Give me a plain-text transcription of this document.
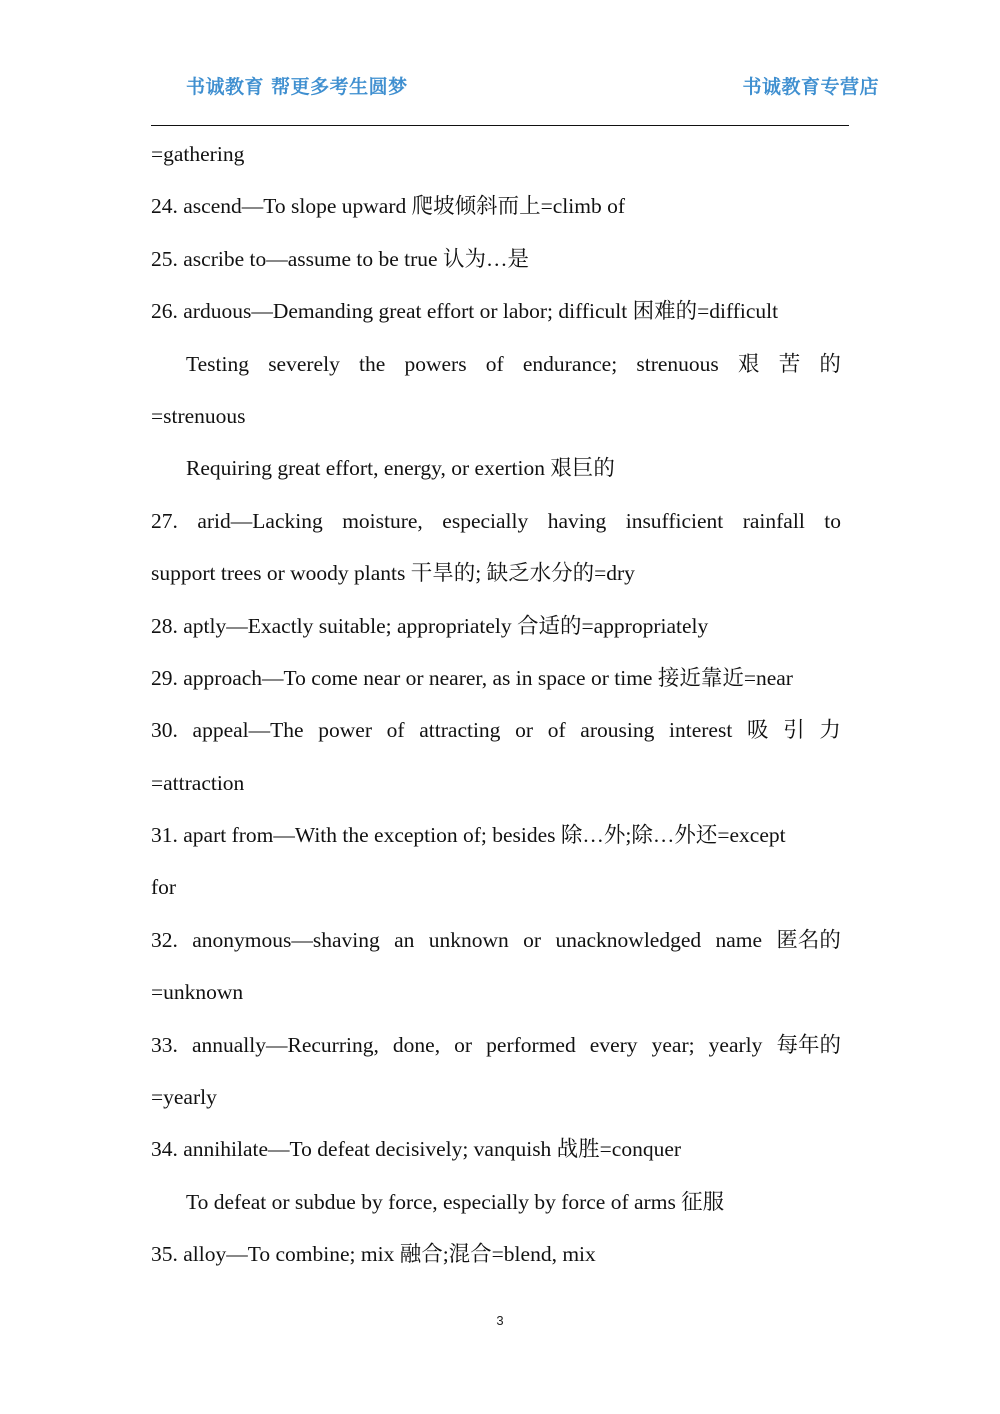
书诚教育 帮更多考生圆梦	书诚教育专营店
=gathering
24. ascend—To slope upward 爬坡倾斜而上=climb of
25. ascribe to—assume to be true 认为…是
26. arduous—Demanding great effort or labor; difficult 困难的=difficult
Testing severely the powers of endurance; strenuous 艰 苦 的
=strenuous
Requiring great effort, energy, or exertion 艰巨的
27. arid—Lacking moisture, especially having insufficient rainfall to
support trees or woody plants 干旱的; 缺乏水分的=dry
28. aptly—Exactly suitable; appropriately 合适的=appropriately
29. approach—To come near or nearer, as in space or time 接近靠近=near
30. appeal—The power of attracting or of arousing interest 吸 引 力
=attraction
31. apart from—With the exception of; besides 除…外;除…外还=except
for
32. anonymous—shaving an unknown or unacknowledged name 匿名的
=unknown
33. annually—Recurring, done, or performed every year; yearly 每年的
=yearly
34. annihilate—To defeat decisively; vanquish 战胜=conquer
To defeat or subdue by force, especially by force of arms 征服
35. alloy—To combine; mix 融合;混合=blend, mix
3
